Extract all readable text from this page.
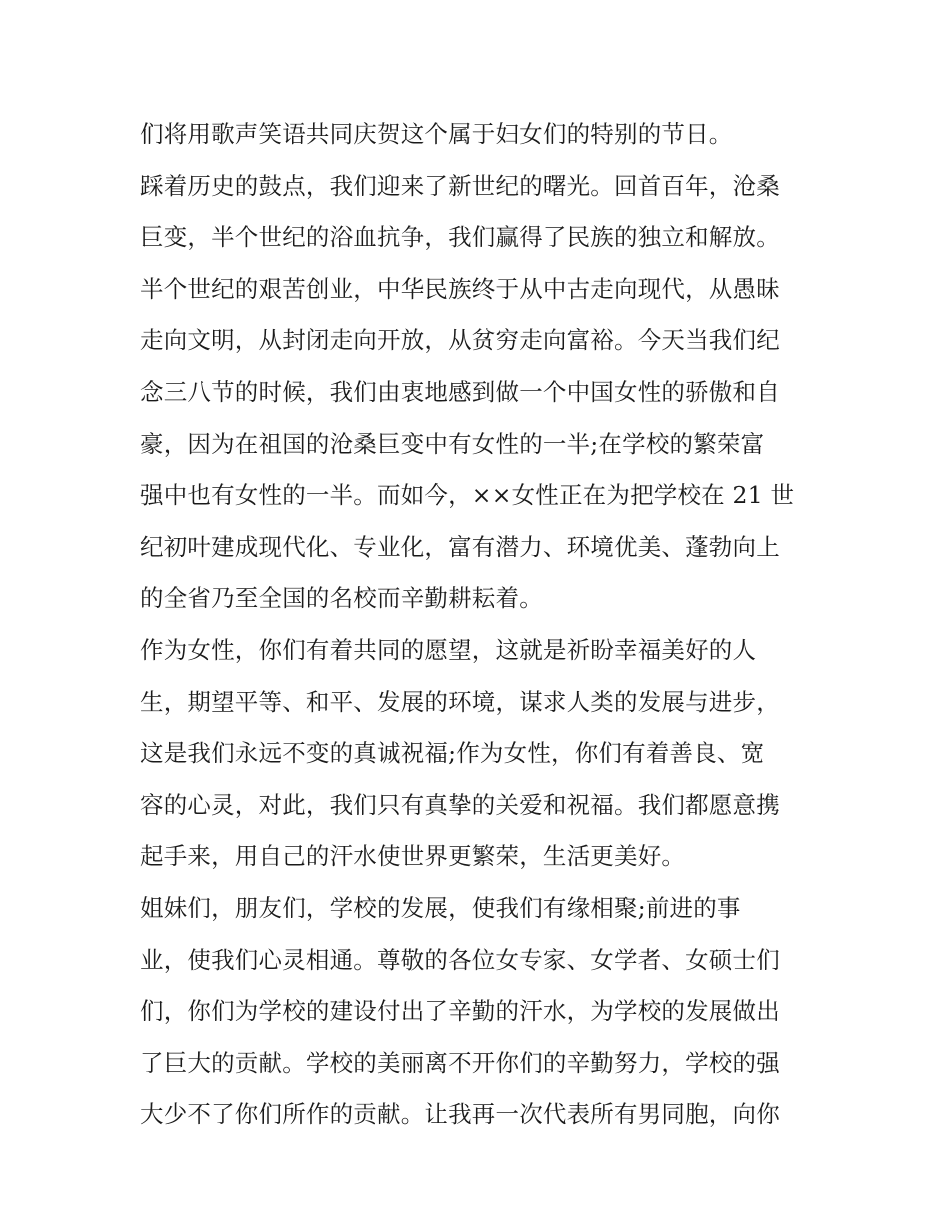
们将用歌声笑语共同庆贺这个属于妇女们的特别的节日。
踩着历史的鼓点，我们迎来了新世纪的曙光。回首百年，沧桑
巨变，半个世纪的浴血抗争，我们赢得了民族的独立和解放。
半个世纪的艰苦创业，中华民族终于从中古走向现代，从愚昧
走向文明，从封闭走向开放，从贫穷走向富裕。今天当我们纪
念三八节的时候，我们由衷地感到做一个中国女性的骄傲和自
豪，因为在祖国的沧桑巨变中有女性的一半;在学校的繁荣富
强中也有女性的一半。而如今，××女性正在为把学校在 21 世
纪初叶建成现代化、专业化，富有潜力、环境优美、蓬勃向上
的全省乃至全国的名校而辛勤耕耘着。
作为女性，你们有着共同的愿望，这就是祈盼幸福美好的人
生，期望平等、和平、发展的环境，谋求人类的发展与进步，
这是我们永远不变的真诚祝福;作为女性，你们有着善良、宽
容的心灵，对此，我们只有真挚的关爱和祝福。我们都愿意携
起手来，用自己的汗水使世界更繁荣，生活更美好。
姐妹们，朋友们，学校的发展，使我们有缘相聚;前进的事
业，使我们心灵相通。尊敬的各位女专家、女学者、女硕士们
们，你们为学校的建设付出了辛勤的汗水，为学校的发展做出
了巨大的贡献。学校的美丽离不开你们的辛勤努力，学校的强
大少不了你们所作的贡献。让我再一次代表所有男同胞，向你
